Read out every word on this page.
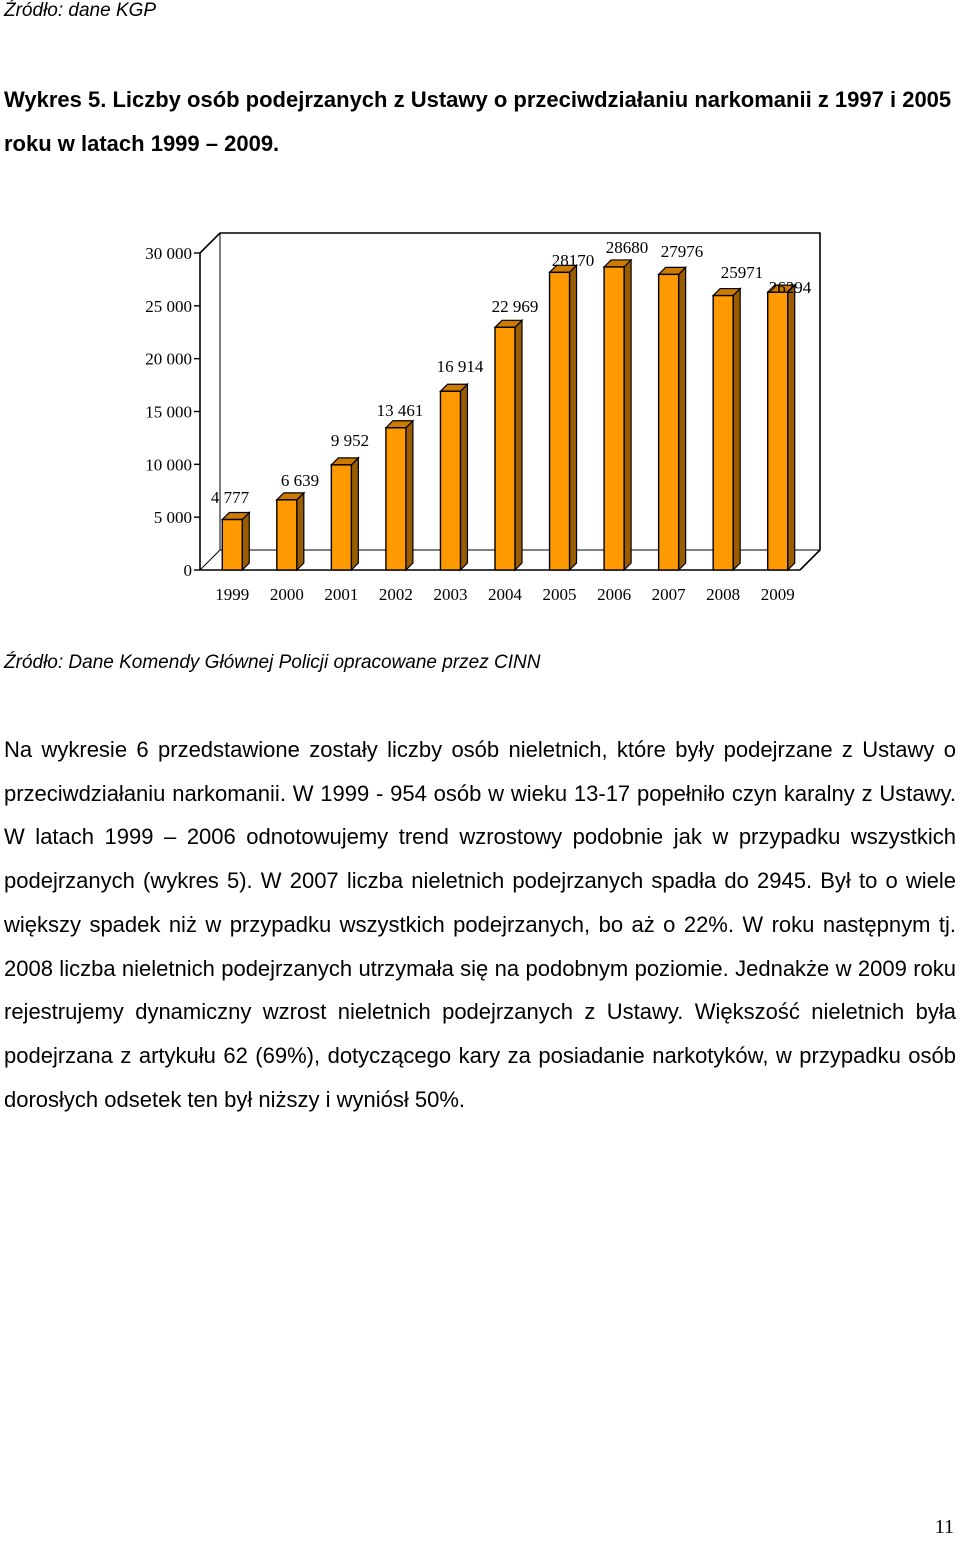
Źródło: dane KGP
Wykres 5. Liczby osób podejrzanych z Ustawy o przeciwdziałaniu narkomanii z 1997 i 2005 roku w latach 1999 – 2009.
0
5 000
10 000
15 000
20 000
25 000
30 000
1999 2000 2001 2002 2003 2004 2005 2006 2007 2008 2009
4 777
6 639
9 952
13 461
16 914
22 969
28170
28680 27976
25971
26294
Źródło: Dane Komendy Głównej Policji opracowane przez CINN

Na wykresie 6 przedstawione zostały liczby osób nieletnich, które były podejrzane z Ustawy o przeciwdziałaniu narkomanii. W 1999 - 954 osób w wieku 13-17 popełniło czyn karalny z Ustawy. W latach 1999 – 2006 odnotowujemy trend wzrostowy podobnie jak w przypadku wszystkich podejrzanych (wykres 5). W 2007 liczba nieletnich podejrzanych spadła do 2945. Był to o wiele większy spadek niż w przypadku wszystkich podejrzanych, bo aż o 22%. W roku następnym tj. 2008 liczba nieletnich podejrzanych utrzymała się na podobnym poziomie. Jednakże w 2009 roku rejestrujemy dynamiczny wzrost nieletnich podejrzanych z Ustawy. Większość nieletnich była podejrzana z artykułu 62 (69%), dotyczącego kary za posiadanie narkotyków, w przypadku osób dorosłych odsetek ten był niższy i wyniósł 50%.

11
